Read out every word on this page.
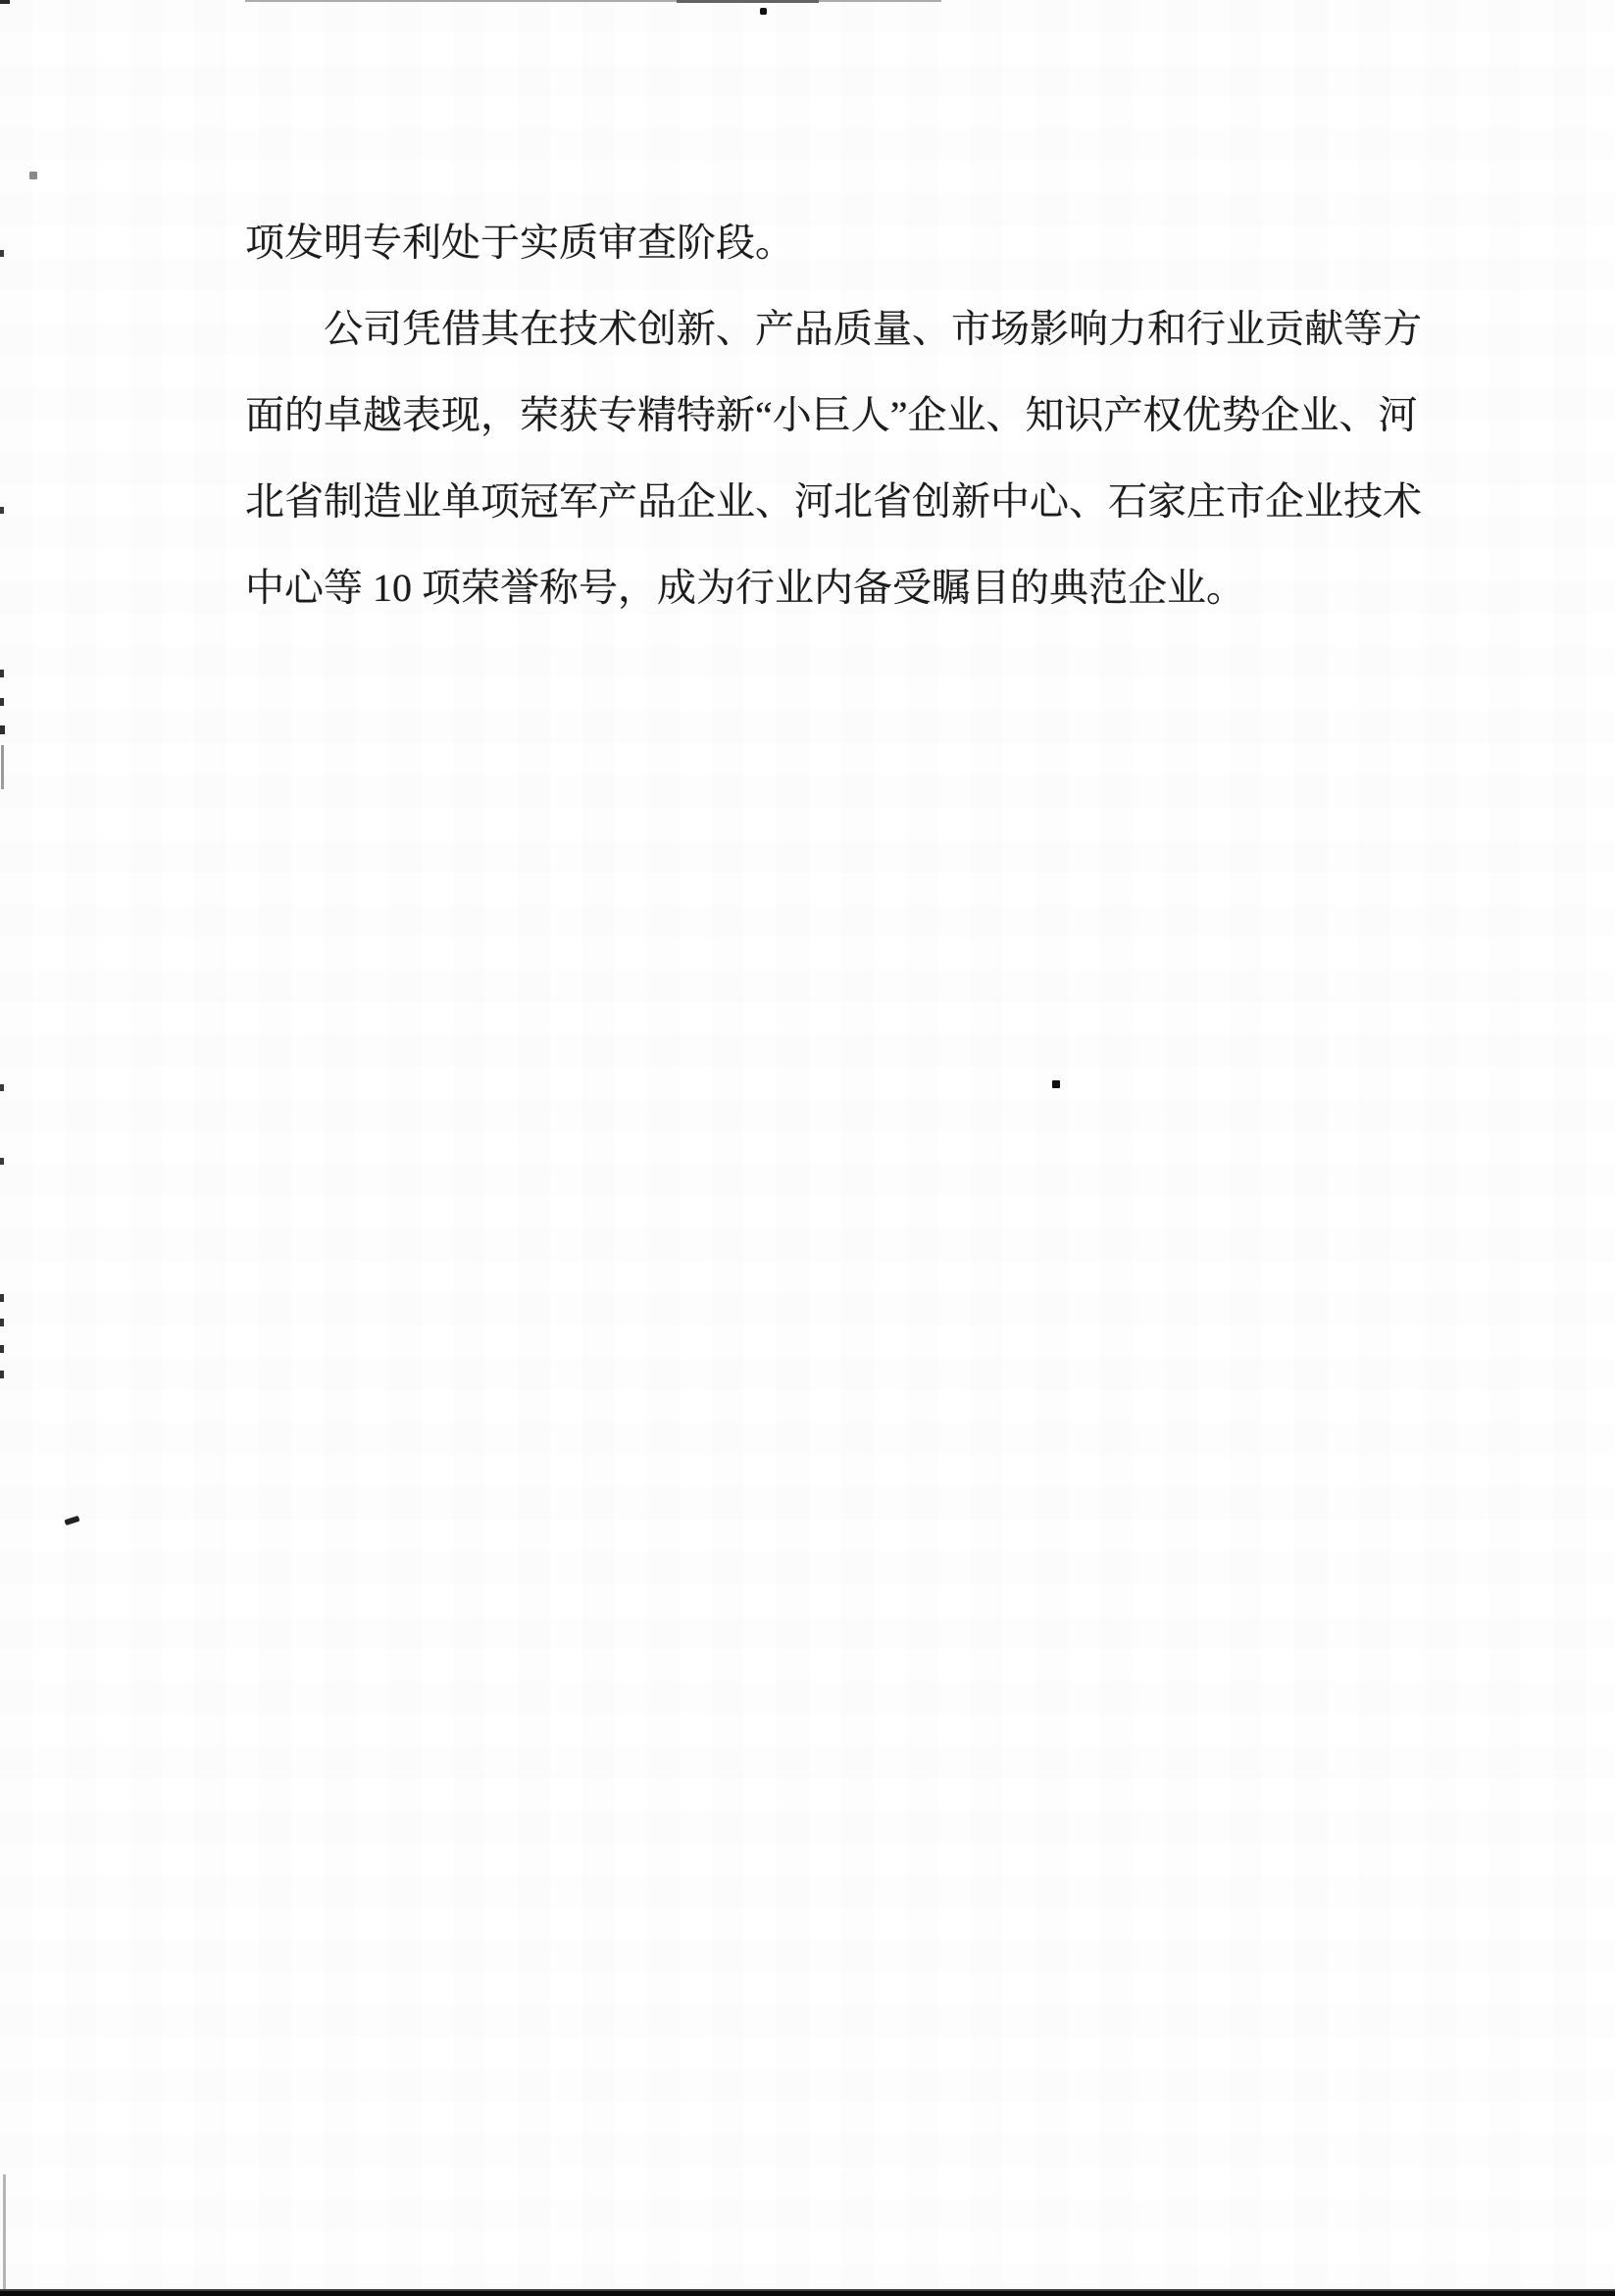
项发明专利处于实质审查阶段。
公司凭借其在技术创新、产品质量、市场影响力和行业贡献等方
面的卓越表现，荣获专精特新“小巨人”企业、知识产权优势企业、河
北省制造业单项冠军产品企业、河北省创新中心、石家庄市企业技术
中心等 10 项荣誉称号，成为行业内备受瞩目的典范企业。
